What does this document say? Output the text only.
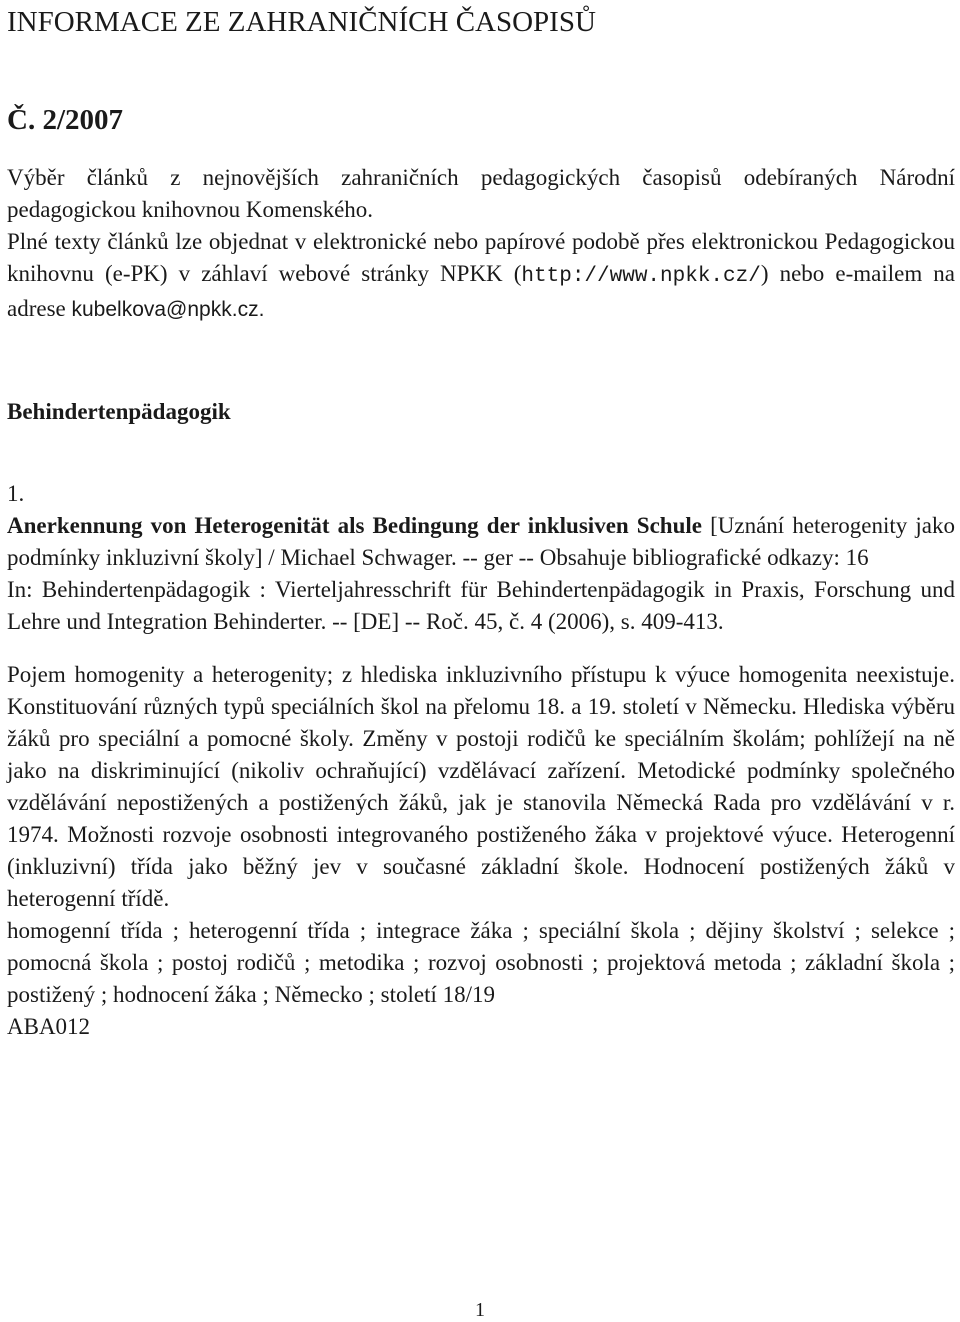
INFORMACE ZE ZAHRANIČNÍCH ČASOPISŮ
Č. 2/2007

Výběr článků z nejnovějších zahraničních pedagogických časopisů odebíraných Národní pedagogickou knihovnou Komenského.

Plné texty článků lze objednat v elektronické nebo papírové podobě přes elektronickou Pedagogickou knihovnu (e-PK) v záhlaví webové stránky NPKK (http://www.npkk.cz/) nebo e-mailem na adrese kubelkova@npkk.cz.

Behindertenpädagogik
1.
Anerkennung von Heterogenität als Bedingung der inklusiven Schule [Uznání heterogenity jako podmínky inkluzivní školy] / Michael Schwager. -- ger -- Obsahuje bibliografické odkazy: 16
In: Behindertenpädagogik : Vierteljahresschrift für Behindertenpädagogik in Praxis, Forschung und Lehre und Integration Behinderter. -- [DE] -- Roč. 45, č. 4 (2006), s. 409-413.
Pojem homogenity a heterogenity; z hlediska inkluzivního přístupu k výuce homogenita neexistuje. Konstituování různých typů speciálních škol na přelomu 18. a 19. století v Německu. Hlediska výběru žáků pro speciální a pomocné školy. Změny v postoji rodičů ke speciálním školám; pohlížejí na ně jako na diskriminující (nikoliv ochraňující) vzdělávací zařízení. Metodické podmínky společného vzdělávání nepostižených a postižených žáků, jak je stanovila Německá Rada pro vzdělávání v r. 1974. Možnosti rozvoje osobnosti integrovaného postiženého žáka v projektové výuce. Heterogenní (inkluzivní) třída jako běžný jev v současné základní škole. Hodnocení postižených žáků v heterogenní třídě.
homogenní třída ; heterogenní třída ; integrace žáka ; speciální škola ; dějiny školství ; selekce ; pomocná škola ; postoj rodičů ; metodika ; rozvoj osobnosti ; projektová metoda ; základní škola ; postižený ; hodnocení žáka ; Německo ; století 18/19
ABA012
1
